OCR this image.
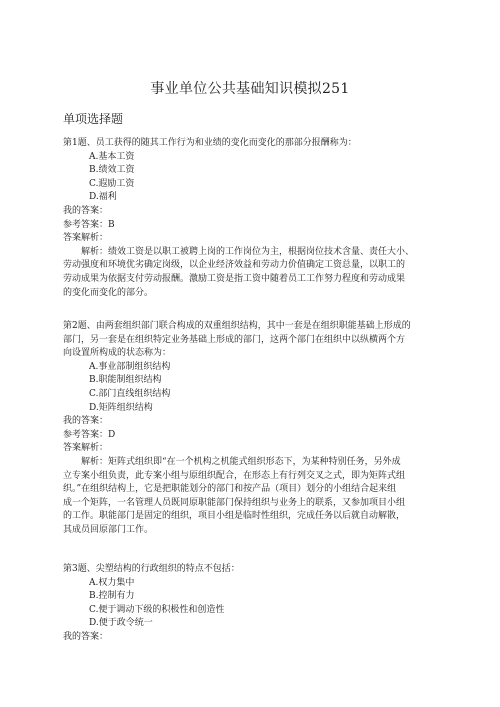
事业单位公共基础知识模拟251
单项选择题
第1题、员工获得的随其工作行为和业绩的变化而变化的那部分报酬称为：
A.基本工资
B.绩效工资
C.遐励工资
D.福利
我的答案：
参考答案：B
答案解析：
解析：绩效工资是以职工被聘上岗的工作岗位为主，根据岗位技术含量、责任大小、
劳动强度和环境优劣确定岗级，以企业经济效益和劳动力价值确定工资总量，以职工的
劳动成果为依据支付劳动报酬。激励工资是指工资中随着员工工作努力程度和劳动成果
的变化而变化的部分。
第2题、由两套组织部门联合构成的双重组织结构，其中一套是在组织职能基础上形成的
部门，另一套是在组织特定业务基础上形成的部门，这两个部门在组织中以纵横两个方
向设置所构成的状态称为：
A.事业部制组织结构
B.职能制组织结构
C.部门直线组织结构
D.矩阵组织结构
我的答案：
参考答案：D
答案解析：
解析：矩阵式组织即“在一个机构之机能式组织形态下，为某种特别任务，另外成
立专案小组负责，此专案小组与原组织配合，在形态上有行列交叉之式，即为矩阵式组
织。”在组织结构上，它是把职能划分的部门和按产品（项目）划分的小组结合起来组
成一个矩阵，一名管理人员既同原职能部门保持组织与业务上的联系，又参加项目小组
的工作。职能部门是固定的组织，项目小组是临时性组织，完成任务以后就自动解散，
其成员回原部门工作。
第3题、尖塑结构的行政组织的特点不包括：
A.权力集中
B.控制有力
C.便于调动下级的积极性和创造性
D.便于政令统一
我的答案：
